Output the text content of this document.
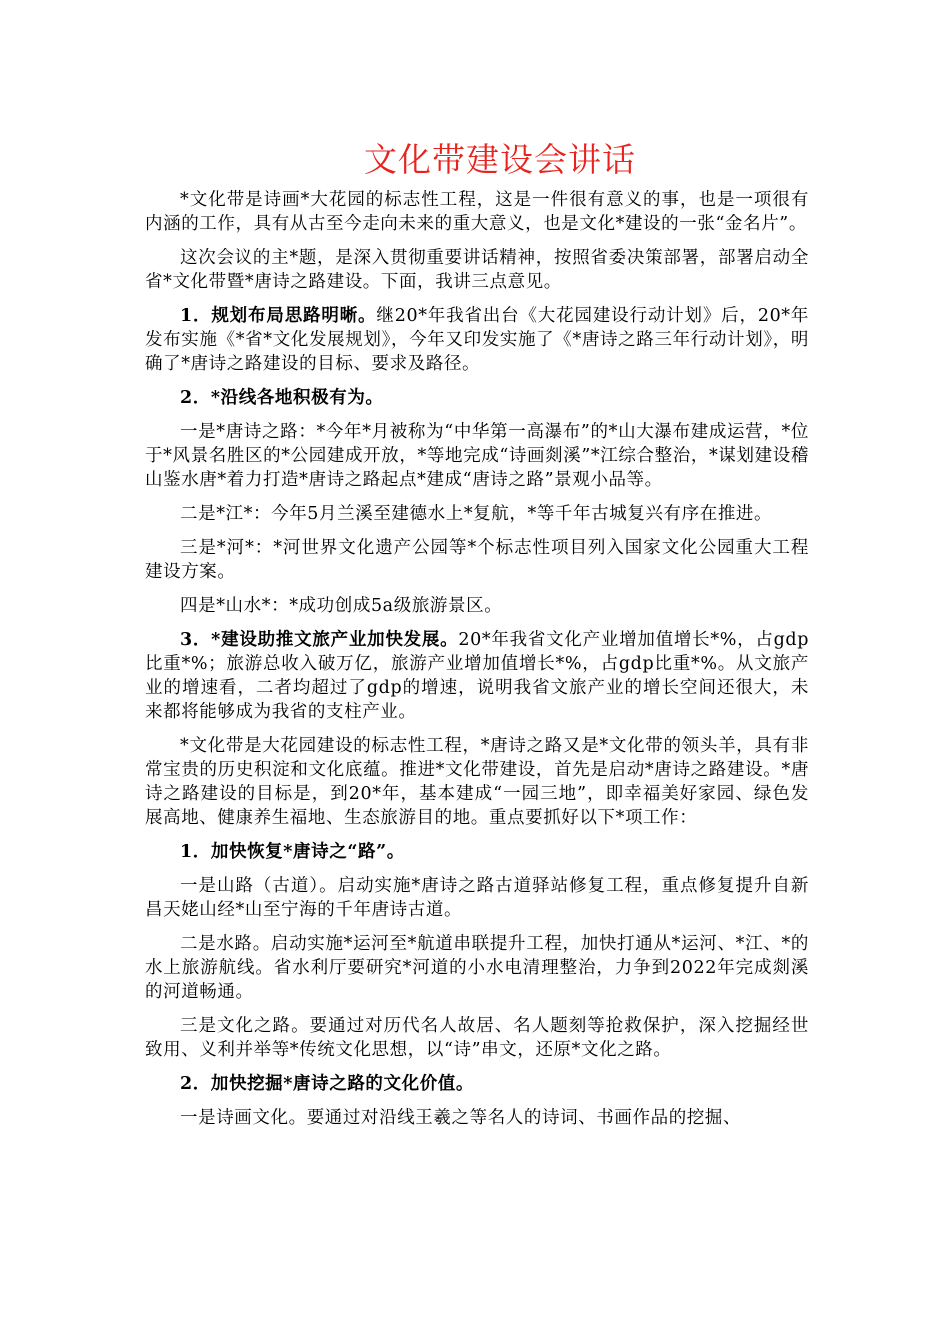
文化带建设会讲话

*文化带是诗画*大花园的标志性工程，这是一件很有意义的事，也是一项很有内涵的工作，具有从古至今走向未来的重大意义，也是文化*建设的一张“金名片”。

这次会议的主*题，是深入贯彻重要讲话精神，按照省委决策部署，部署启动全省*文化带暨*唐诗之路建设。下面，我讲三点意见。

1．规划布局思路明晰。继20*年我省出台《大花园建设行动计划》后，20*年发布实施《*省*文化发展规划》，今年又印发实施了《*唐诗之路三年行动计划》，明确了*唐诗之路建设的目标、要求及路径。

2．*沿线各地积极有为。

一是*唐诗之路：*今年*月被称为“中华第一高瀑布”的*山大瀑布建成运营，*位于*风景名胜区的*公园建成开放，*等地完成“诗画剡溪”*江综合整治，*谋划建设稽山鉴水唐*着力打造*唐诗之路起点*建成“唐诗之路”景观小品等。

二是*江*：今年5月兰溪至建德水上*复航，*等千年古城复兴有序在推进。

三是*河*：*河世界文化遗产公园等*个标志性项目列入国家文化公园重大工程建设方案。

四是*山水*：*成功创成5a级旅游景区。

3．*建设助推文旅产业加快发展。20*年我省文化产业增加值增长*%，占gdp比重*%；旅游总收入破万亿，旅游产业增加值增长*%，占gdp比重*%。从文旅产业的增速看，二者均超过了gdp的增速，说明我省文旅产业的增长空间还很大，未来都将能够成为我省的支柱产业。

*文化带是大花园建设的标志性工程，*唐诗之路又是*文化带的领头羊，具有非常宝贵的历史积淀和文化底蕴。推进*文化带建设，首先是启动*唐诗之路建设。*唐诗之路建设的目标是，到20*年，基本建成“一园三地”，即幸福美好家园、绿色发展高地、健康养生福地、生态旅游目的地。重点要抓好以下*项工作：

1．加快恢复*唐诗之“路”。

一是山路（古道）。启动实施*唐诗之路古道驿站修复工程，重点修复提升自新昌天姥山经*山至宁海的千年唐诗古道。

二是水路。启动实施*运河至*航道串联提升工程，加快打通从*运河、*江、*的水上旅游航线。省水利厅要研究*河道的小水电清理整治，力争到2022年完成剡溪的河道畅通。

三是文化之路。要通过对历代名人故居、名人题刻等抢救保护，深入挖掘经世致用、义利并举等*传统文化思想，以“诗”串文，还原*文化之路。

2．加快挖掘*唐诗之路的文化价值。

一是诗画文化。要通过对沿线王羲之等名人的诗词、书画作品的挖掘、
